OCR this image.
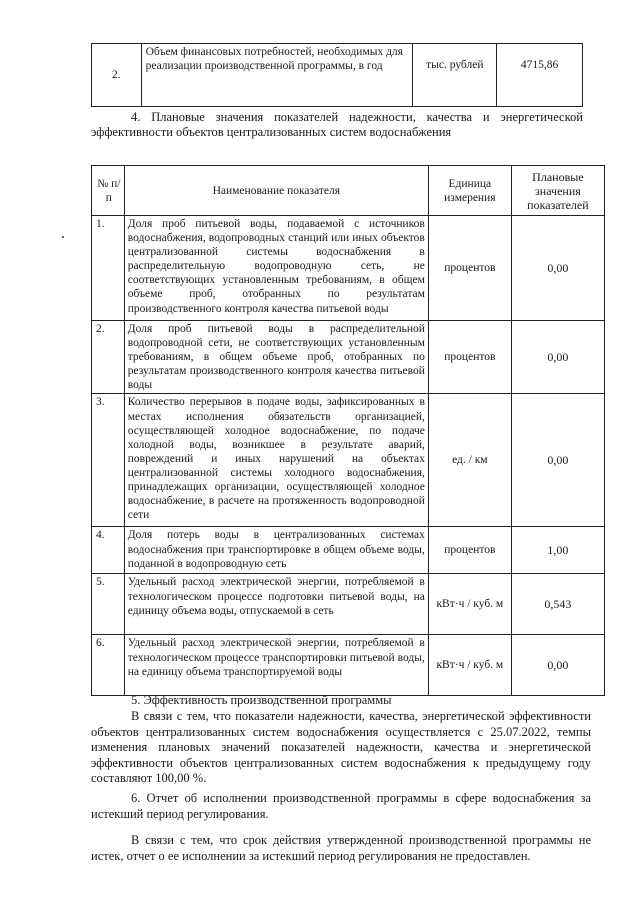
2.	Объем финансовых потребностей, необходимых для реализации производственной программы, в год	тыс. рублей	4715,86

4. Плановые значения показателей надежности, качества и энергетической эффективности объектов централизованных систем водоснабжения

№ п/п	Наименование показателя	Единица измерения	Плановые значения показателей
1.	Доля проб питьевой воды, подаваемой с источников водоснабжения, водопроводных станций или иных объектов централизованной системы водоснабжения в распределительную водопроводную сеть, не соответствующих установленным требованиям, в общем объеме проб, отобранных по результатам производственного контроля качества питьевой воды	процентов	0,00
2.	Доля проб питьевой воды в распределительной водопроводной сети, не соответствующих установленным требованиям, в общем объеме проб, отобранных по результатам производственного контроля качества питьевой воды	процентов	0,00
3.	Количество перерывов в подаче воды, зафиксированных в местах исполнения обязательств организацией, осуществляющей холодное водоснабжение, по подаче холодной воды, возникшее в результате аварий, повреждений и иных нарушений на объектах централизованной системы холодного водоснабжения, принадлежащих организации, осуществляющей холодное водоснабжение, в расчете на протяженность водопроводной сети	ед. / км	0,00
4.	Доля потерь воды в централизованных системах водоснабжения при транспортировке в общем объеме воды, поданной в водопроводную сеть	процентов	1,00
5.	Удельный расход электрической энергии, потребляемой в технологическом процессе подготовки питьевой воды, на единицу объема воды, отпускаемой в сеть	кВт·ч / куб. м	0,543
6.	Удельный расход электрической энергии, потребляемой в технологическом процессе транспортировки питьевой воды, на единицу объема транспортируемой воды	кВт·ч / куб. м	0,00

5. Эффективность производственной программы

В связи с тем, что показатели надежности, качества, энергетической эффективности объектов централизованных систем водоснабжения осуществляется с 25.07.2022, темпы изменения плановых значений показателей надежности, качества и энергетической эффективности объектов централизованных систем водоснабжения к предыдущему году составляют 100,00 %.

6. Отчет об исполнении производственной программы в сфере водоснабжения за истекший период регулирования.

В связи с тем, что срок действия утвержденной производственной программы не истек, отчет о ее исполнении за истекший период регулирования не предоставлен.
